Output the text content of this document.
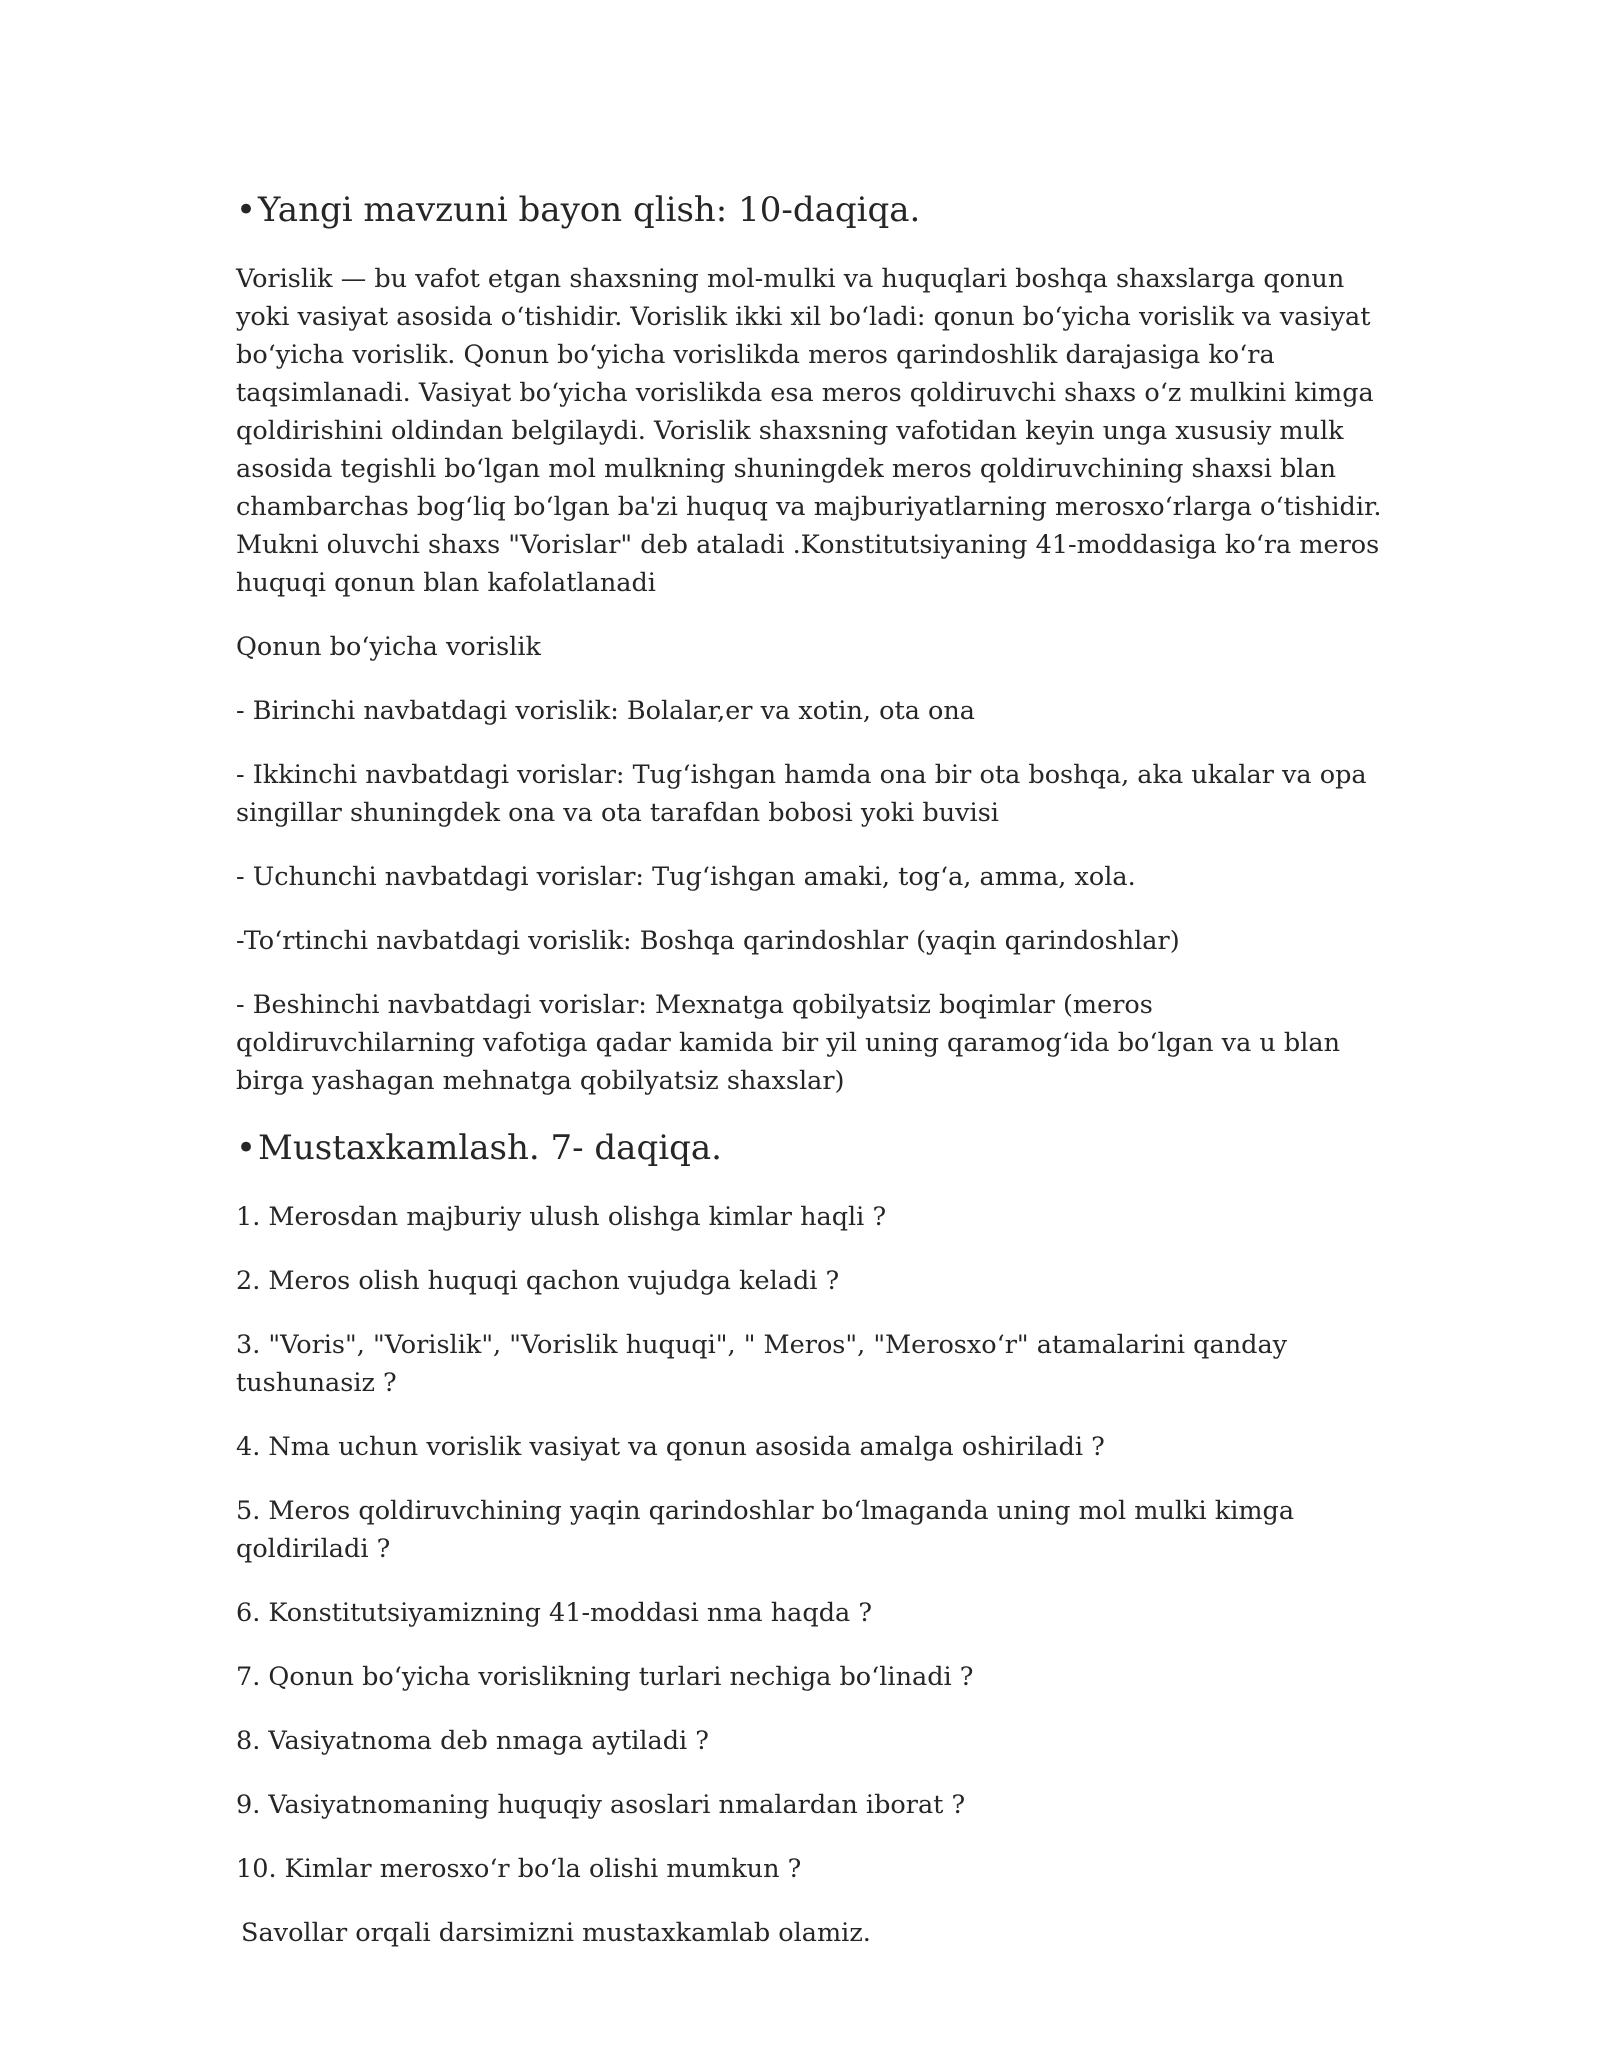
• Yangi mavzuni bayon qlish: 10-daqiqa.

Vorislik — bu vafot etgan shaxsning mol-mulki va huquqlari boshqa shaxslarga qonun yoki vasiyat asosida o‘tishidir. Vorislik ikki xil bo‘ladi: qonun bo‘yicha vorislik va vasiyat bo‘yicha vorislik. Qonun bo‘yicha vorislikda meros qarindoshlik darajasiga ko‘ra taqsimlanadi. Vasiyat bo‘yicha vorislikda esa meros qoldiruvchi shaxs o‘z mulkini kimga qoldirishini oldindan belgilaydi. Vorislik shaxsning vafotidan keyin unga xususiy mulk asosida tegishli bo‘lgan mol mulkning shuningdek meros qoldiruvchining shaxsi blan chambarchas bog‘liq bo‘lgan ba'zi huquq va majburiyatlarning merosxo‘rlarga o‘tishidir. Mukni oluvchi shaxs "Vorislar" deb ataladi .Konstitutsiyaning 41-moddasiga ko‘ra meros huquqi qonun blan kafolatlanadi

Qonun bo‘yicha vorislik

- Birinchi navbatdagi vorislik: Bolalar,er va xotin, ota ona

- Ikkinchi navbatdagi vorislar: Tug‘ishgan hamda ona bir ota boshqa, aka ukalar va opa singillar shuningdek ona va ota tarafdan bobosi yoki buvisi

- Uchunchi navbatdagi vorislar: Tug‘ishgan amaki, tog‘a, amma, xola.

-To‘rtinchi navbatdagi vorislik: Boshqa qarindoshlar (yaqin qarindoshlar)

- Beshinchi navbatdagi vorislar: Mexnatga qobilyatsiz boqimlar (meros qoldiruvchilarning vafotiga qadar kamida bir yil uning qaramog‘ida bo‘lgan va u blan birga yashagan mehnatga qobilyatsiz shaxslar)

• Mustaxkamlash. 7- daqiqa.

1. Merosdan majburiy ulush olishga kimlar haqli ?

2. Meros olish huquqi qachon vujudga keladi ?

3. "Voris", "Vorislik", "Vorislik huquqi", " Meros", "Merosxo‘r" atamalarini qanday tushunasiz ?

4. Nma uchun vorislik vasiyat va qonun asosida amalga oshiriladi ?

5. Meros qoldiruvchining yaqin qarindoshlar bo‘lmaganda uning mol mulki kimga qoldiriladi ?

6. Konstitutsiyamizning 41-moddasi nma haqda ?

7. Qonun bo‘yicha vorislikning turlari nechiga bo‘linadi ?

8. Vasiyatnoma deb nmaga aytiladi ?

9. Vasiyatnomaning huquqiy asoslari nmalardan iborat ?

10. Kimlar merosxo‘r bo‘la olishi mumkun ?

Savollar orqali darsimizni mustaxkamlab olamiz.
